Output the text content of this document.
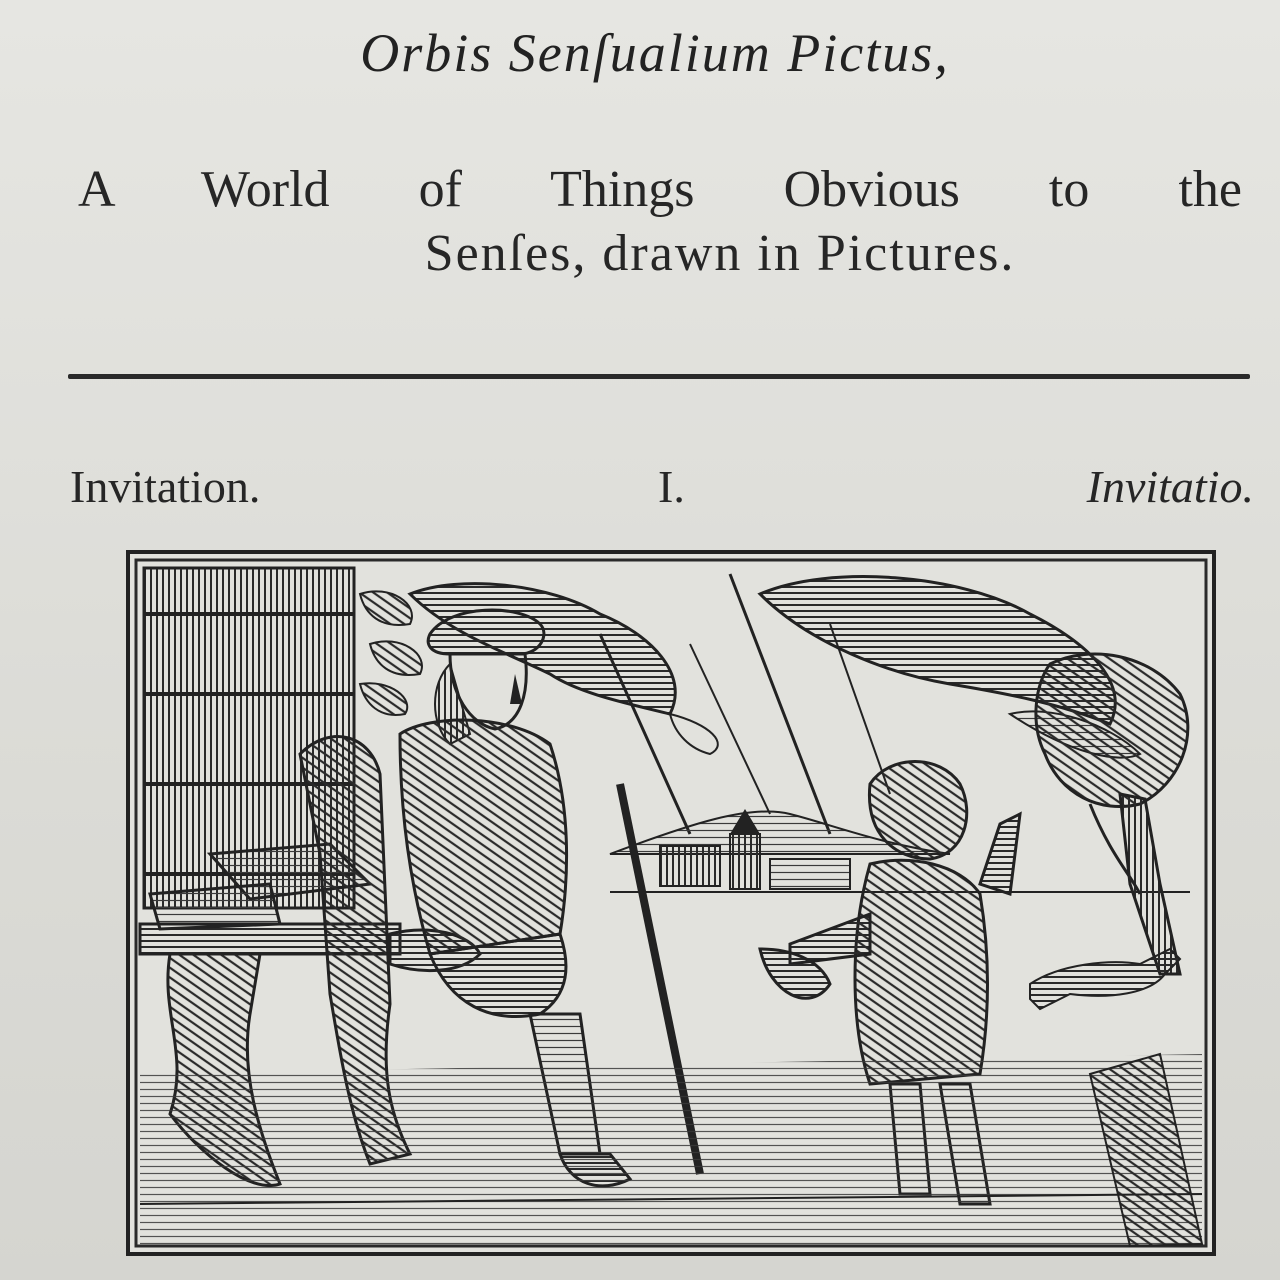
Orbis Senſualium Pictus,
A World of Things Obvious to the
Senſes, drawn in Pictures.
Invitation.	I.	Invitatio.
